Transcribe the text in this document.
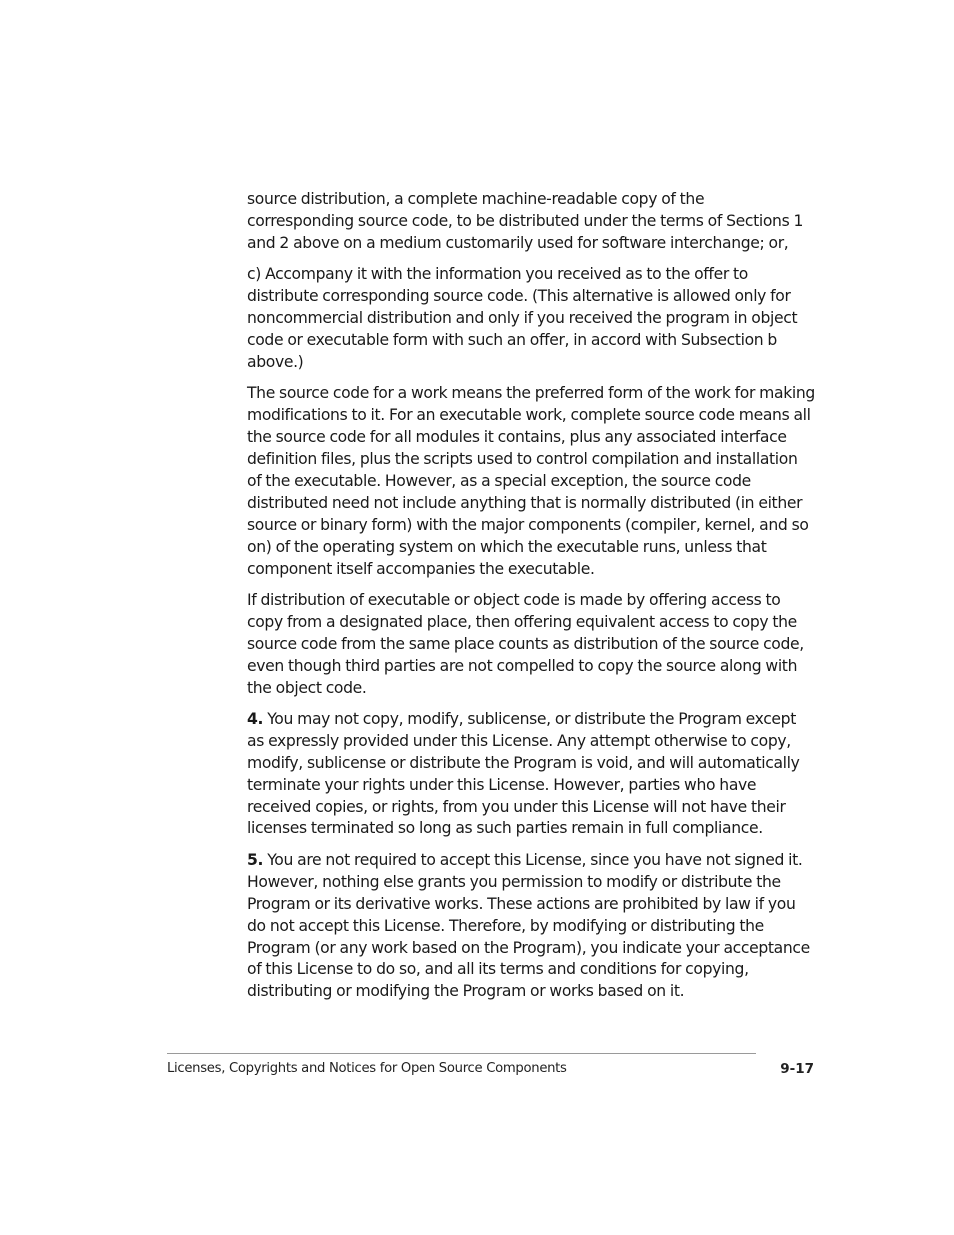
source distribution, a complete machine-readable copy of the corresponding source code, to be distributed under the terms of Sections 1 and 2 above on a medium customarily used for software interchange; or,

c) Accompany it with the information you received as to the offer to distribute corresponding source code. (This alternative is allowed only for noncommercial distribution and only if you received the program in object code or executable form with such an offer, in accord with Subsection b above.)

The source code for a work means the preferred form of the work for making modifications to it. For an executable work, complete source code means all the source code for all modules it contains, plus any associated interface definition files, plus the scripts used to control compilation and installation of the executable. However, as a special exception, the source code distributed need not include anything that is normally distributed (in either source or binary form) with the major components (compiler, kernel, and so on) of the operating system on which the executable runs, unless that component itself accompanies the executable.

If distribution of executable or object code is made by offering access to copy from a designated place, then offering equivalent access to copy the source code from the same place counts as distribution of the source code, even though third parties are not compelled to copy the source along with the object code.

4. You may not copy, modify, sublicense, or distribute the Program except as expressly provided under this License. Any attempt otherwise to copy, modify, sublicense or distribute the Program is void, and will automatically terminate your rights under this License. However, parties who have received copies, or rights, from you under this License will not have their licenses terminated so long as such parties remain in full compliance.

5. You are not required to accept this License, since you have not signed it. However, nothing else grants you permission to modify or distribute the Program or its derivative works. These actions are prohibited by law if you do not accept this License. Therefore, by modifying or distributing the Program (or any work based on the Program), you indicate your acceptance of this License to do so, and all its terms and conditions for copying, distributing or modifying the Program or works based on it.

Licenses, Copyrights and Notices for Open Source Components	9-17
